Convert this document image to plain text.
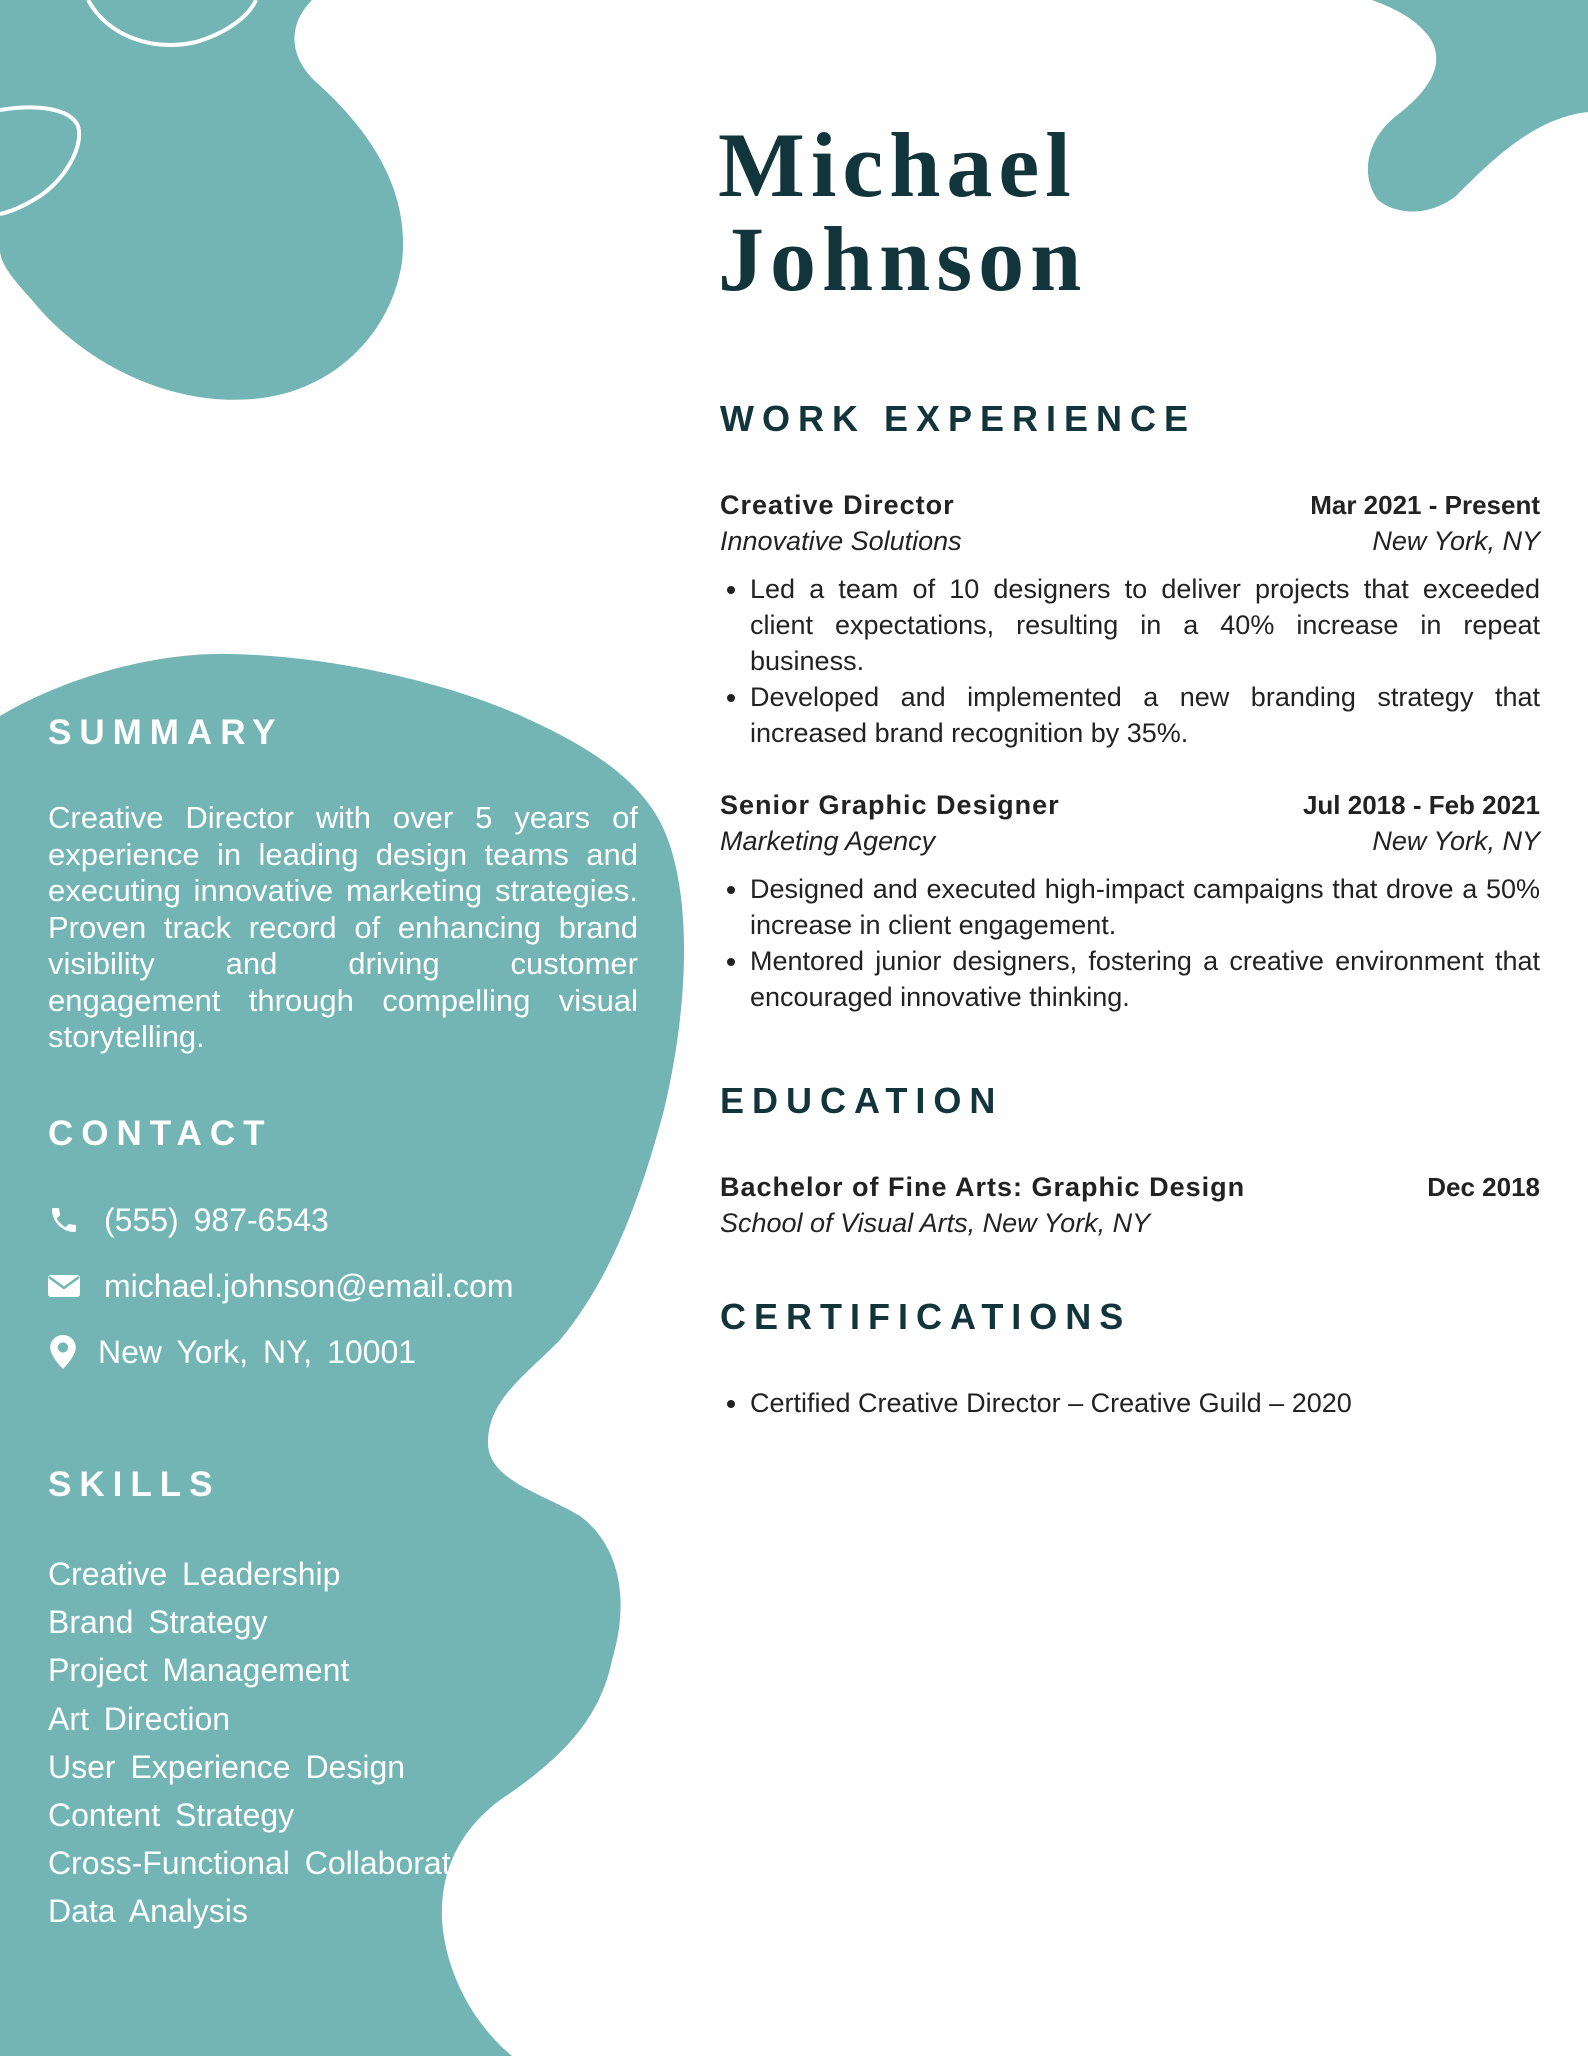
SUMMARY

Creative Director with over 5 years of experience in leading design teams and executing innovative marketing strategies. Proven track record of enhancing brand visibility and driving customer engagement through compelling visual storytelling.

CONTACT
(555) 987-6543
michael.johnson@email.com
New York, NY, 10001
SKILLS
Creative Leadership
Brand Strategy
Project Management
Art Direction
User Experience Design
Content Strategy
Cross-Functional Collaborat
Data Analysis
Michael
Johnson
WORK EXPERIENCE
Creative Director	Mar 2021 - Present
Innovative Solutions	New York, NY
• Led a team of 10 designers to deliver projects that exceeded client expectations, resulting in a 40% increase in repeat business.
• Developed and implemented a new branding strategy that increased brand recognition by 35%.
Senior Graphic Designer	Jul 2018 - Feb 2021
Marketing Agency	New York, NY
• Designed and executed high-impact campaigns that drove a 50% increase in client engagement.
• Mentored junior designers, fostering a creative environment that encouraged innovative thinking.
EDUCATION
Bachelor of Fine Arts: Graphic Design	Dec 2018
School of Visual Arts, New York, NY
CERTIFICATIONS
• Certified Creative Director – Creative Guild – 2020
